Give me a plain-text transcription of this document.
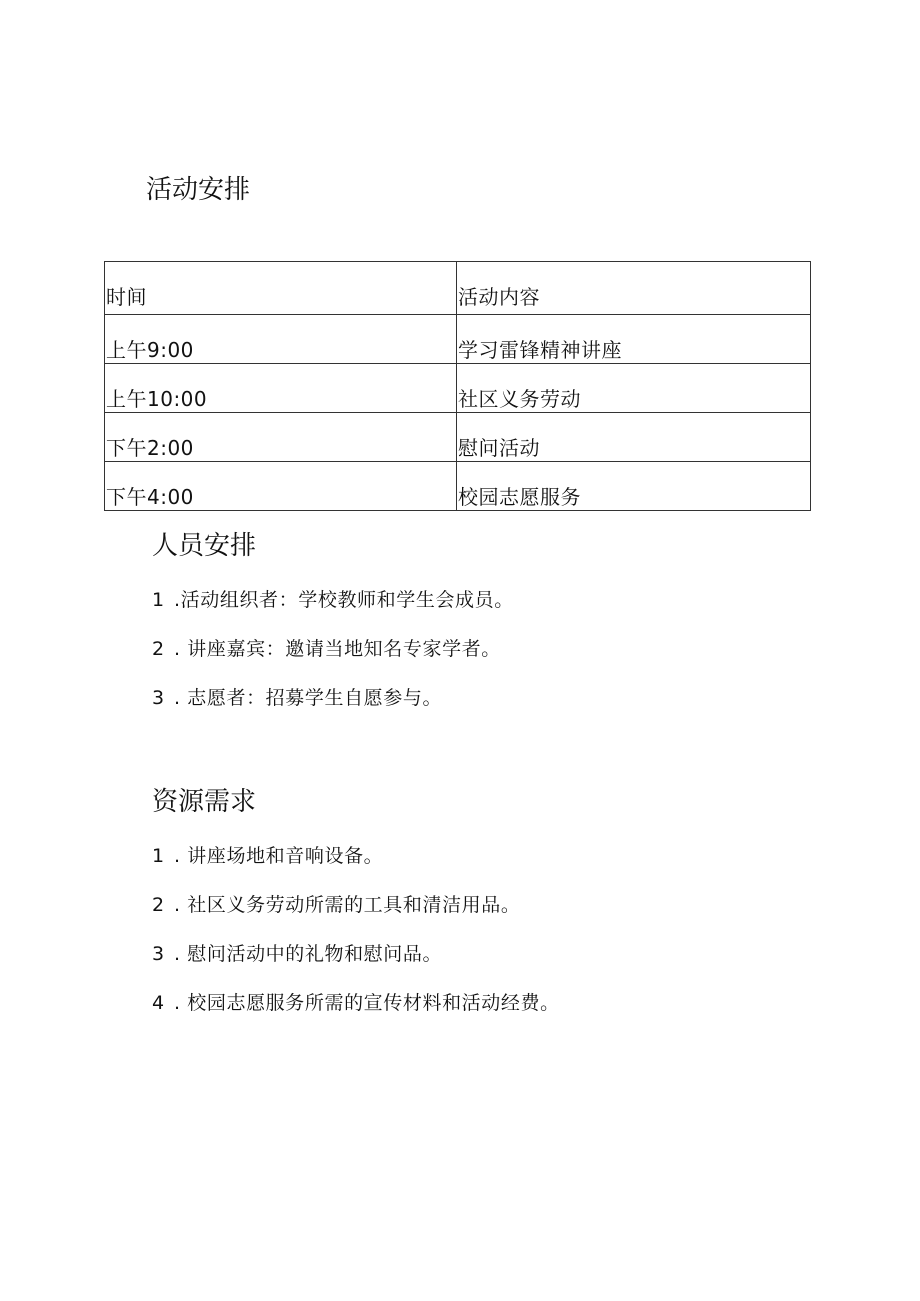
活动安排
时间	活动内容
上午9:00	学习雷锋精神讲座
上午10:00	社区义务劳动
下午2:00	慰问活动
下午4:00	校园志愿服务
人员安排
1 .活动组织者：学校教师和学生会成员。
2 . 讲座嘉宾：邀请当地知名专家学者。
3 . 志愿者：招募学生自愿参与。
资源需求
1 . 讲座场地和音响设备。
2 . 社区义务劳动所需的工具和清洁用品。
3 . 慰问活动中的礼物和慰问品。
4 . 校园志愿服务所需的宣传材料和活动经费。
